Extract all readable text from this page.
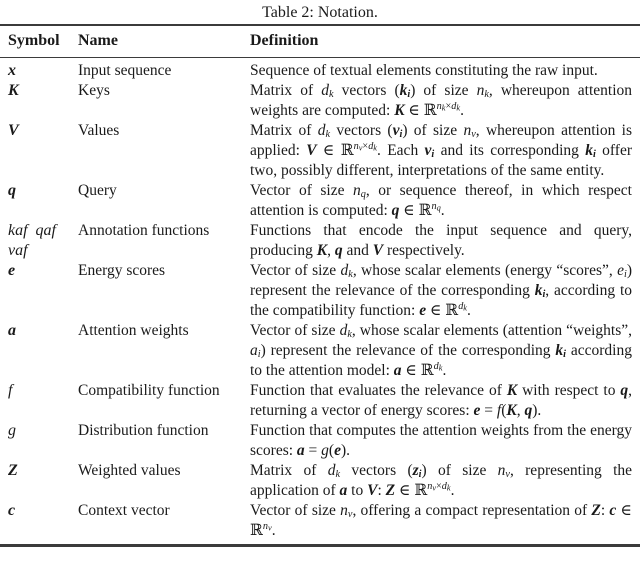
Table 2: Notation.
Symbol	Name	Definition
x	Input sequence	Sequence of textual elements constituting the raw input.
K	Keys	Matrix of $d_k$ vectors $(k_i)$ of size $n_k$, whereupon attention weights are computed: K ∈ ℝ$^{n_k\times d_k}$.
V	Values	Matrix of $d_k$ vectors $(v_i)$ of size $n_v$, whereupon attention is applied: V ∈ ℝ$^{n_v\times d_k}$. Each $v_i$ and its corresponding $k_i$ offer two, possibly different, interpretations of the same entity.
q	Query	Vector of size $n_q$, or sequence thereof, in which respect attention is computed: q ∈ ℝ$^{n_q}$.
kaf qaf
vaf	Annotation functions	Functions that encode the input sequence and query, producing K, q and V respectively.
e	Energy scores	Vector of size $d_k$, whose scalar elements (energy “scores”, $e_i$) represent the relevance of the corresponding $k_i$, according to the compatibility function: e ∈ ℝ$^{d_k}$.
a	Attention weights	Vector of size $d_k$, whose scalar elements (attention “weights”, $a_i$) represent the relevance of the corresponding $k_i$ according to the attention model: a ∈ ℝ$^{d_k}$.
f	Compatibility function	Function that evaluates the relevance of K with respect to q, returning a vector of energy scores: e = f(K, q).
g	Distribution function	Function that computes the attention weights from the energy scores: a = g(e).
Z	Weighted values	Matrix of $d_k$ vectors $(z_i)$ of size $n_v$, representing the application of a to V: Z ∈ ℝ$^{n_v\times d_k}$.
c	Context vector	Vector of size $n_v$, offering a compact representation of Z: c ∈ ℝ$^{n_v}$.
